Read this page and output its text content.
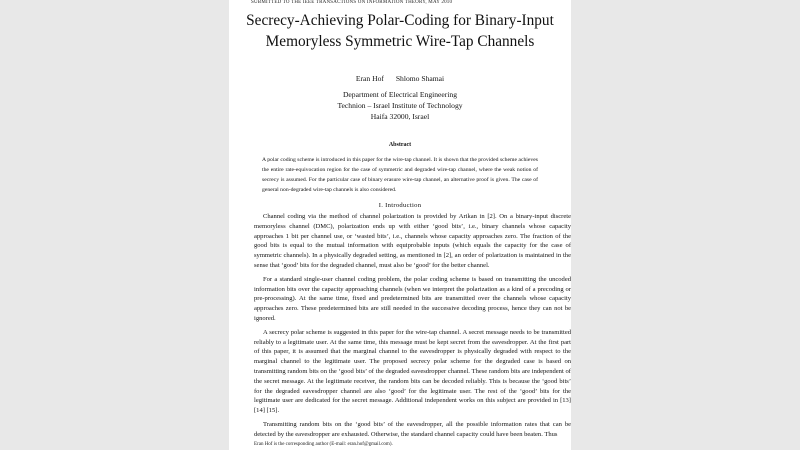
SUBMITTED TO THE IEEE TRANSACTIONS ON INFORMATION THEORY, MAY 2010
Secrecy-Achieving Polar-Coding for Binary-Input
Memoryless Symmetric Wire-Tap Channels
Eran Hof Shlomo Shamai
Department of Electrical Engineering
Technion – Israel Institute of Technology
Haifa 32000, Israel
Abstract
A polar coding scheme is introduced in this paper for the wire-tap channel. It is shown that the provided scheme achieves the entire rate-equivocation region for the case of symmetric and degraded wire-tap channel, where the weak notion of secrecy is assumed. For the particular case of binary erasure wire-tap channel, an alternative proof is given. The case of general non-degraded wire-tap channels is also considered.
I. Introduction

Channel coding via the method of channel polarization is provided by Arikan in [2]. On a binary-input discrete memoryless channel (DMC), polarization ends up with either ‘good bits’, i.e., binary channels whose capacity approaches 1 bit per channel use, or ‘wasted bits’, i.e., channels whose capacity approaches zero. The fraction of the good bits is equal to the mutual information with equiprobable inputs (which equals the capacity for the case of symmetric channels). In a physically degraded setting, as mentioned in [2], an order of polarization is maintained in the sense that ‘good’ bits for the degraded channel, must also be ‘good’ for the better channel.

For a standard single-user channel coding problem, the polar coding scheme is based on transmitting the uncoded information bits over the capacity approaching channels (when we interpret the polarization as a kind of a precoding or pre-processing). At the same time, fixed and predetermined bits are transmitted over the channels whose capacity approaches zero. These predetermined bits are still needed in the successive decoding process, hence they can not be ignored.

A secrecy polar scheme is suggested in this paper for the wire-tap channel. A secret message needs to be transmitted reliably to a legitimate user. At the same time, this message must be kept secret from the eavesdropper. At the first part of this paper, it is assumed that the marginal channel to the eavesdropper is physically degraded with respect to the marginal channel to the legitimate user. The proposed secrecy polar scheme for the degraded case is based on transmitting random bits on the ‘good bits’ of the degraded eavesdropper channel. These random bits are independent of the secret message. At the legitimate receiver, the random bits can be decoded reliably. This is because the ‘good bits’ for the degraded eavesdropper channel are also ‘good’ for the legitimate user. The rest of the ‘good’ bits for the legitimate user are dedicated for the secret message. Additional independent works on this subject are provided in [13] [14] [15].

Transmitting random bits on the ‘good bits’ of the eavesdropper, all the possible information rates that can be detected by the eavesdropper are exhausted. Otherwise, the standard channel capacity could have been beaten. Thus

Eran Hof is the corresponding author (E-mail: eran.hof@gmail.com).
